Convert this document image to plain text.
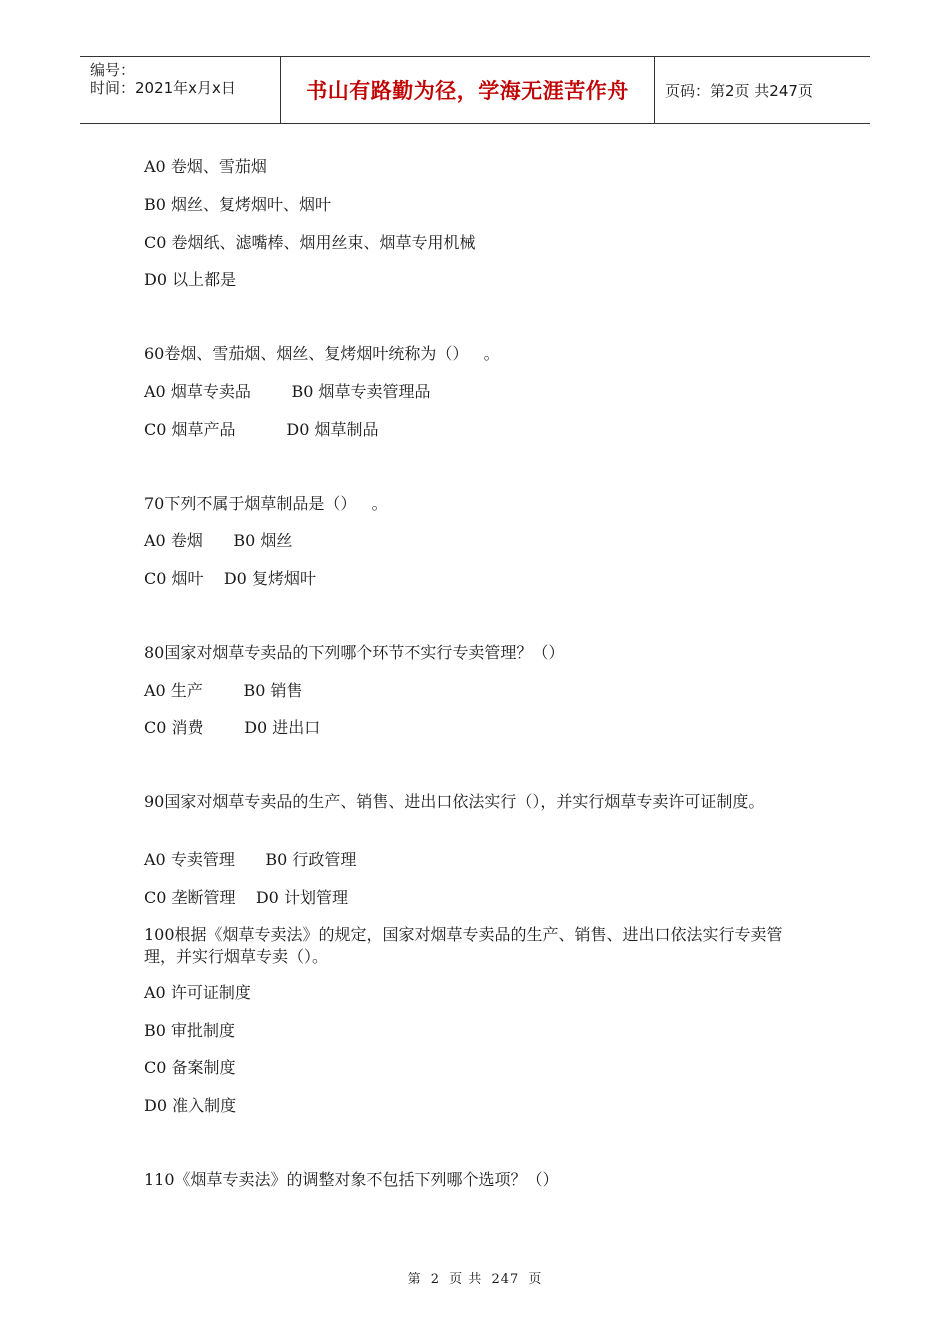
编号：
时间：2021年x月x日	书山有路勤为径，学海无涯苦作舟	页码：第2页 共247页
A0 卷烟、雪茄烟
B0 烟丝、复烤烟叶、烟叶
C0 卷烟纸、滤嘴棒、烟用丝束、烟草专用机械
D0 以上都是
60卷烟、雪茄烟、烟丝、复烤烟叶统称为（）   。
A0 烟草专卖品        B0 烟草专卖管理品
C0 烟草产品          D0 烟草制品
70下列不属于烟草制品是（）   。
A0 卷烟      B0 烟丝
C0 烟叶    D0 复烤烟叶
80国家对烟草专卖品的下列哪个环节不实行专卖管理？（）
A0 生产        B0 销售
C0 消费        D0 进出口
90国家对烟草专卖品的生产、销售、进出口依法实行（），并实行烟草专卖许可证制度。
A0 专卖管理      B0 行政管理
C0 垄断管理    D0 计划管理
100根据《烟草专卖法》的规定，国家对烟草专卖品的生产、销售、进出口依法实行专卖管理，并实行烟草专卖（）。
A0 许可证制度
B0 审批制度
C0 备案制度
D0 准入制度
110《烟草专卖法》的调整对象不包括下列哪个选项？（）
第 2 页 共 247 页
